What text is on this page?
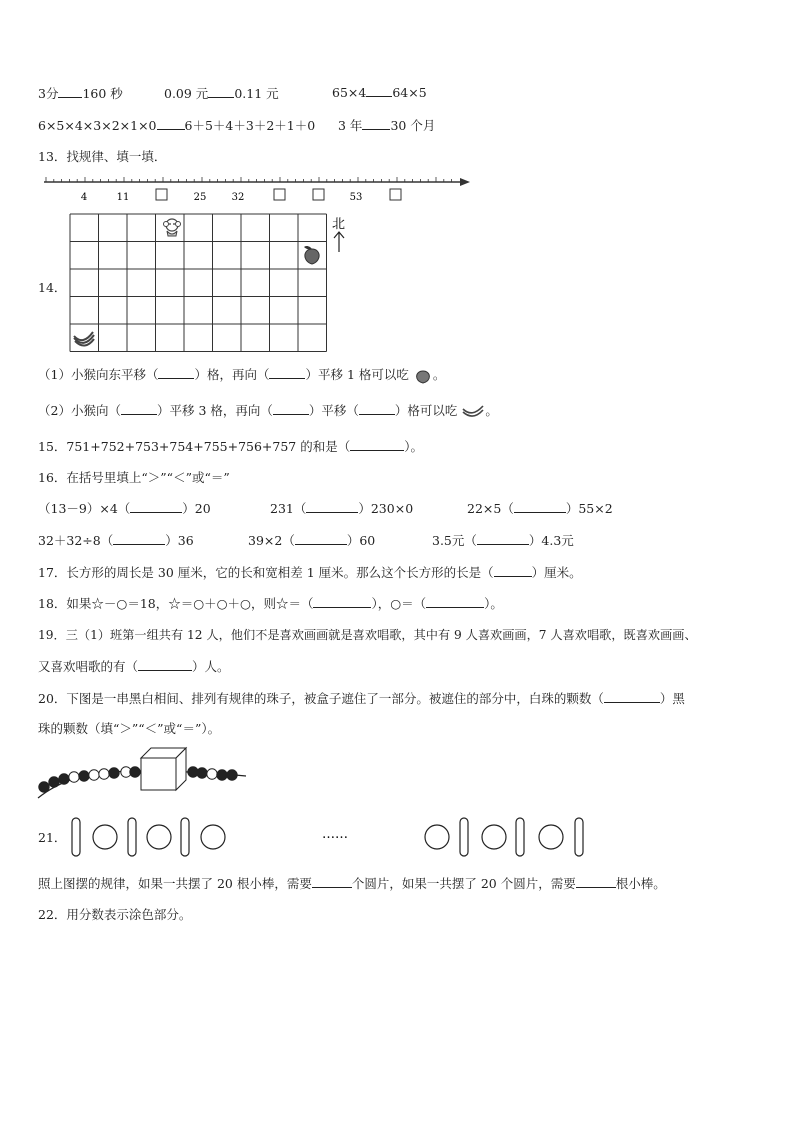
3分 160 秒	0.09 元 0.11 元	65×4 64×5
6×5×4×3×2×1×0 6＋5＋4＋3＋2＋1＋0 3 年 30 个月
13．找规律、填一填．
4	11	25	32	53
14．
北
（1）小猴向东平移（	）格，再向（	）平移 1 格可以吃 。
（2）小猴向（	）平移 3 格，再向（	）平移（	）格可以吃 。
15．751+752+753+754+755+756+757 的和是（	）。
16．在括号里填上“＞”“＜”或“＝”
（13－9）×4（	）20	231（	）230×0	22×5（	）55×2
32＋32÷8（	）36	39×2（	）60	3.5元（	）4.3元
17．长方形的周长是 30 厘米，它的长和宽相差 1 厘米。那么这个长方形的长是（	）厘米。
18．如果☆－○＝18，☆＝○＋○＋○，则☆＝（	），○＝（	）。
19．三（1）班第一组共有 12 人，他们不是喜欢画画就是喜欢唱歌，其中有 9 人喜欢画画，7 人喜欢唱歌，既喜欢画画、
又喜欢唱歌的有（	）人。
20．下图是一串黑白相间、排列有规律的珠子，被盒子遮住了一部分。被遮住的部分中，白珠的颗数（	）黑
珠的颗数（填“＞”“＜”或“＝”）。
21．	……
照上图摆的规律，如果一共摆了 20 根小棒，需要	个圆片，如果一共摆了 20 个圆片，需要	根小棒。
22．用分数表示涂色部分。
